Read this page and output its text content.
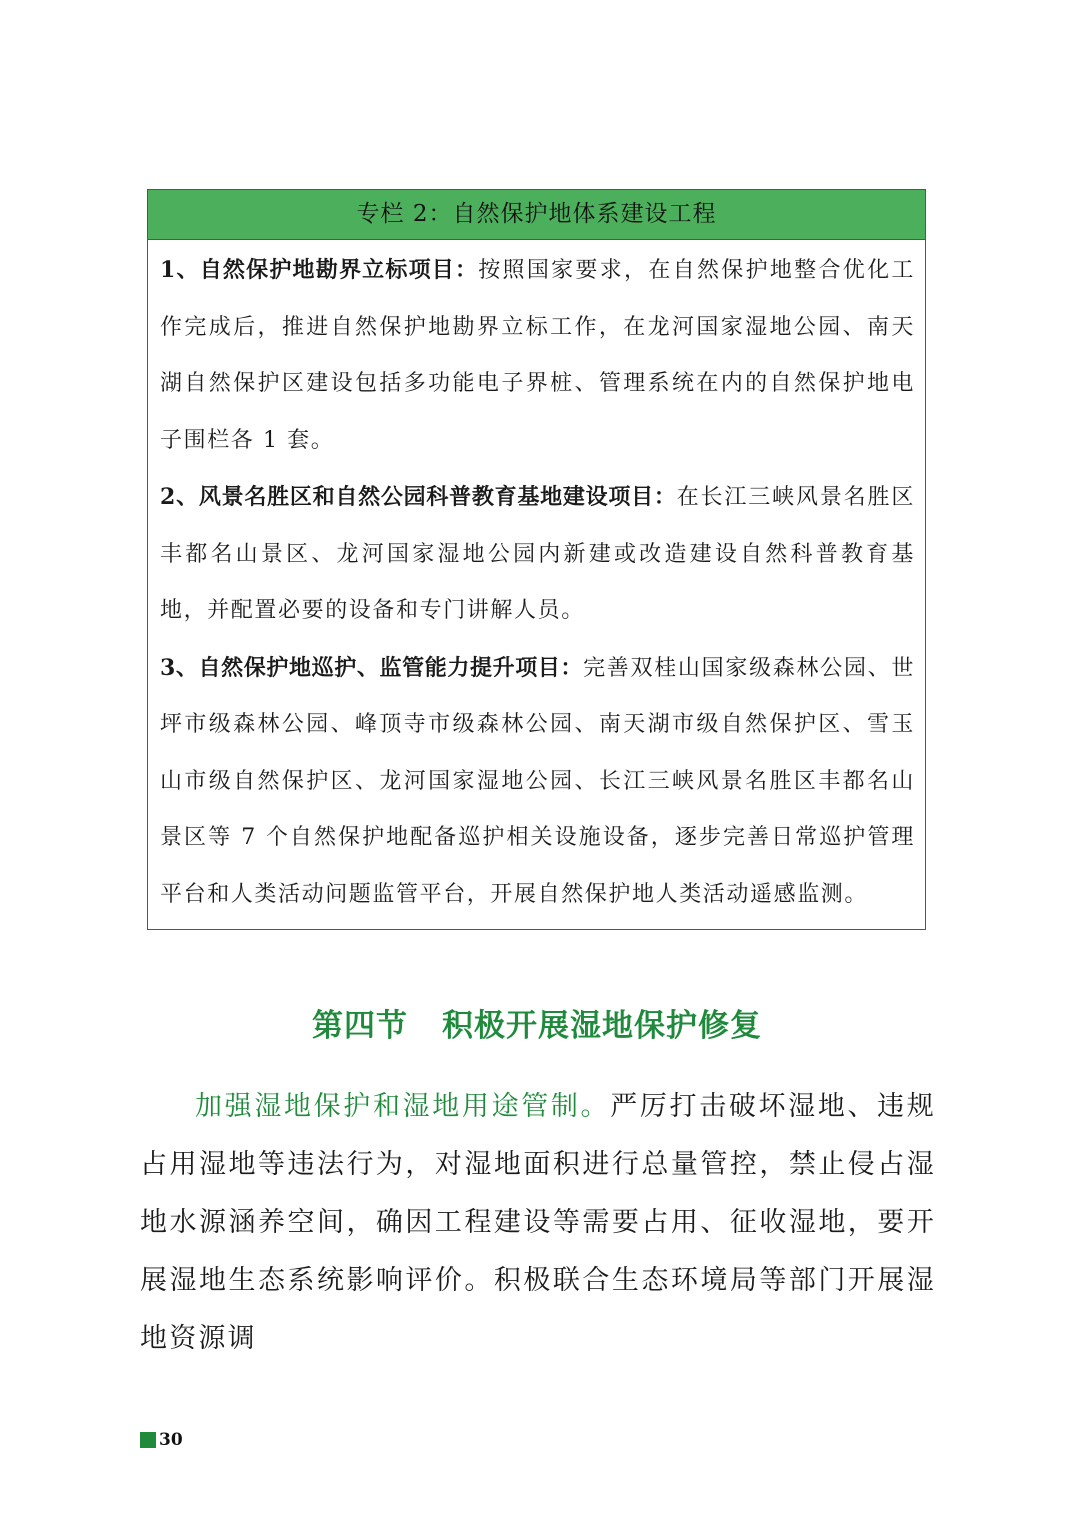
专栏 2：自然保护地体系建设工程

1、自然保护地勘界立标项目：按照国家要求，在自然保护地整合优化工作完成后，推进自然保护地勘界立标工作，在龙河国家湿地公园、南天湖自然保护区建设包括多功能电子界桩、管理系统在内的自然保护地电子围栏各 1 套。

2、风景名胜区和自然公园科普教育基地建设项目：在长江三峡风景名胜区丰都名山景区、龙河国家湿地公园内新建或改造建设自然科普教育基地，并配置必要的设备和专门讲解人员。

3、自然保护地巡护、监管能力提升项目：完善双桂山国家级森林公园、世坪市级森林公园、峰顶寺市级森林公园、南天湖市级自然保护区、雪玉山市级自然保护区、龙河国家湿地公园、长江三峡风景名胜区丰都名山景区等 7 个自然保护地配备巡护相关设施设备，逐步完善日常巡护管理平台和人类活动问题监管平台，开展自然保护地人类活动遥感监测。

第四节 积极开展湿地保护修复

加强湿地保护和湿地用途管制。严厉打击破坏湿地、违规占用湿地等违法行为，对湿地面积进行总量管控，禁止侵占湿地水源涵养空间，确因工程建设等需要占用、征收湿地，要开展湿地生态系统影响评价。积极联合生态环境局等部门开展湿地资源调

30
